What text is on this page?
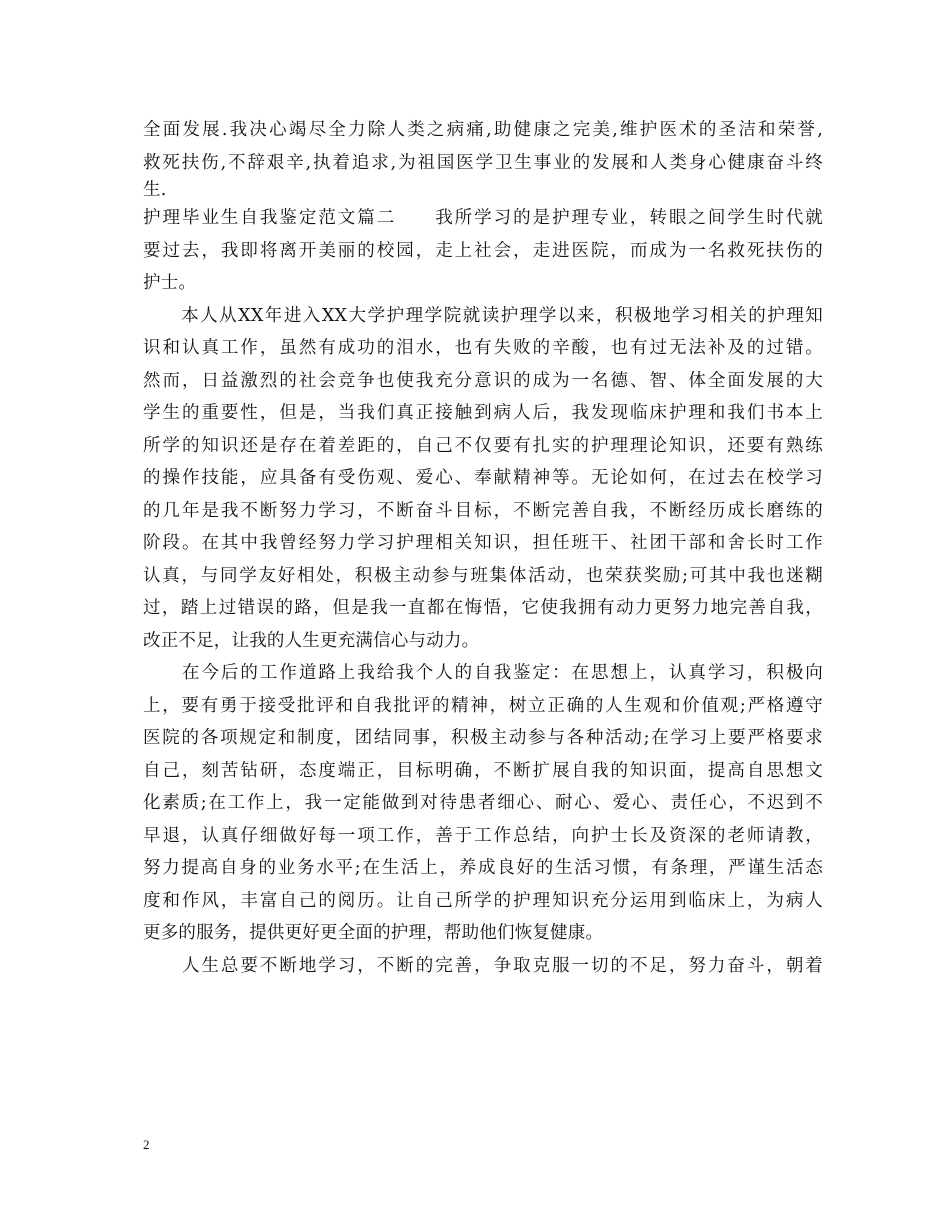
全面发展.我决心竭尽全力除人类之病痛,助健康之完美,维护医术的圣洁和荣誉,
救死扶伤,不辞艰辛,执着追求,为祖国医学卫生事业的发展和人类身心健康奋斗终
生.
护理毕业生自我鉴定范文篇二　　我所学习的是护理专业，转眼之间学生时代就
要过去，我即将离开美丽的校园，走上社会，走进医院，而成为一名救死扶伤的
护士。
　　本人从XX年进入XX大学护理学院就读护理学以来，积极地学习相关的护理知
识和认真工作，虽然有成功的泪水，也有失败的辛酸，也有过无法补及的过错。
然而，日益激烈的社会竞争也使我充分意识的成为一名德、智、体全面发展的大
学生的重要性，但是，当我们真正接触到病人后，我发现临床护理和我们书本上
所学的知识还是存在着差距的，自己不仅要有扎实的护理理论知识，还要有熟练
的操作技能，应具备有受伤观、爱心、奉献精神等。无论如何，在过去在校学习
的几年是我不断努力学习，不断奋斗目标，不断完善自我，不断经历成长磨练的
阶段。在其中我曾经努力学习护理相关知识，担任班干、社团干部和舍长时工作
认真，与同学友好相处，积极主动参与班集体活动，也荣获奖励;可其中我也迷糊
过，踏上过错误的路，但是我一直都在悔悟，它使我拥有动力更努力地完善自我，
改正不足，让我的人生更充满信心与动力。
　　在今后的工作道路上我给我个人的自我鉴定：在思想上，认真学习，积极向
上，要有勇于接受批评和自我批评的精神，树立正确的人生观和价值观;严格遵守
医院的各项规定和制度，团结同事，积极主动参与各种活动;在学习上要严格要求
自己，刻苦钻研，态度端正，目标明确，不断扩展自我的知识面，提高自思想文
化素质;在工作上，我一定能做到对待患者细心、耐心、爱心、责任心，不迟到不
早退，认真仔细做好每一项工作，善于工作总结，向护士长及资深的老师请教，
努力提高自身的业务水平;在生活上，养成良好的生活习惯，有条理，严谨生活态
度和作风，丰富自己的阅历。让自己所学的护理知识充分运用到临床上，为病人
更多的服务，提供更好更全面的护理，帮助他们恢复健康。
　　人生总要不断地学习，不断的完善，争取克服一切的不足，努力奋斗，朝着
2
